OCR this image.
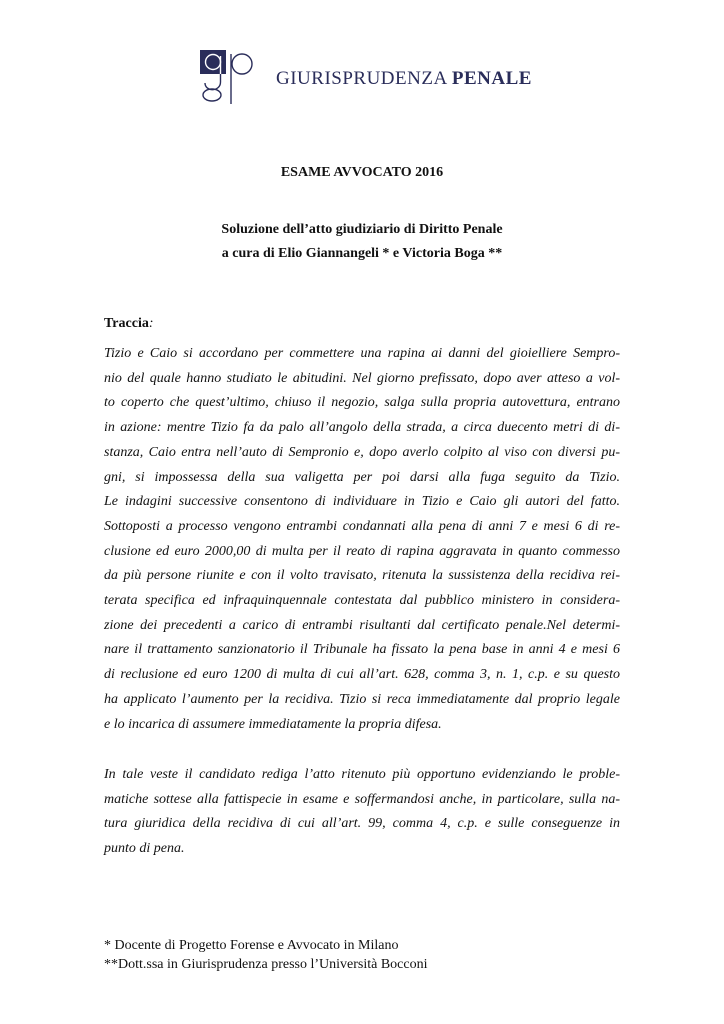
GIURISPRUDENZA PENALE
ESAME AVVOCATO 2016
Soluzione dell’atto giudiziario di Diritto Penale
a cura di Elio Giannangeli * e Victoria Boga **
Traccia:
Tizio e Caio si accordano per commettere una rapina ai danni del gioielliere Sempro-
nio del quale hanno studiato le abitudini. Nel giorno prefissato, dopo aver atteso a vol-
to coperto che quest’ultimo, chiuso il negozio, salga sulla propria autovettura, entrano
in azione: mentre Tizio fa da palo all’angolo della strada, a circa duecento metri di di-
stanza, Caio entra nell’auto di Sempronio e, dopo averlo colpito al viso con diversi pu-
gni, si impossessa della sua valigetta per poi darsi alla fuga seguito da Tizio.
Le indagini successive consentono di individuare in Tizio e Caio gli autori del fatto.
Sottoposti a processo vengono entrambi condannati alla pena di anni 7 e mesi 6 di re-
clusione ed euro 2000,00 di multa per il reato di rapina aggravata in quanto commesso
da più persone riunite e con il volto travisato, ritenuta la sussistenza della recidiva rei-
terata specifica ed infraquinquennale contestata dal pubblico ministero in considera-
zione dei precedenti a carico di entrambi risultanti dal certificato penale.Nel determi-
nare il trattamento sanzionatorio il Tribunale ha fissato la pena base in anni 4 e mesi 6
di reclusione ed euro 1200 di multa di cui all’art. 628, comma 3, n. 1, c.p. e su questo
ha applicato l’aumento per la recidiva. Tizio si reca immediatamente dal proprio legale
e lo incarica di assumere immediatamente la propria difesa.
In tale veste il candidato rediga l’atto ritenuto più opportuno evidenziando le proble-
matiche sottese alla fattispecie in esame e soffermandosi anche, in particolare, sulla na-
tura giuridica della recidiva di cui all’art. 99, comma 4, c.p. e sulle conseguenze in
punto di pena.
* Docente di Progetto Forense e Avvocato in Milano
**Dott.ssa in Giurisprudenza presso l’Università Bocconi
